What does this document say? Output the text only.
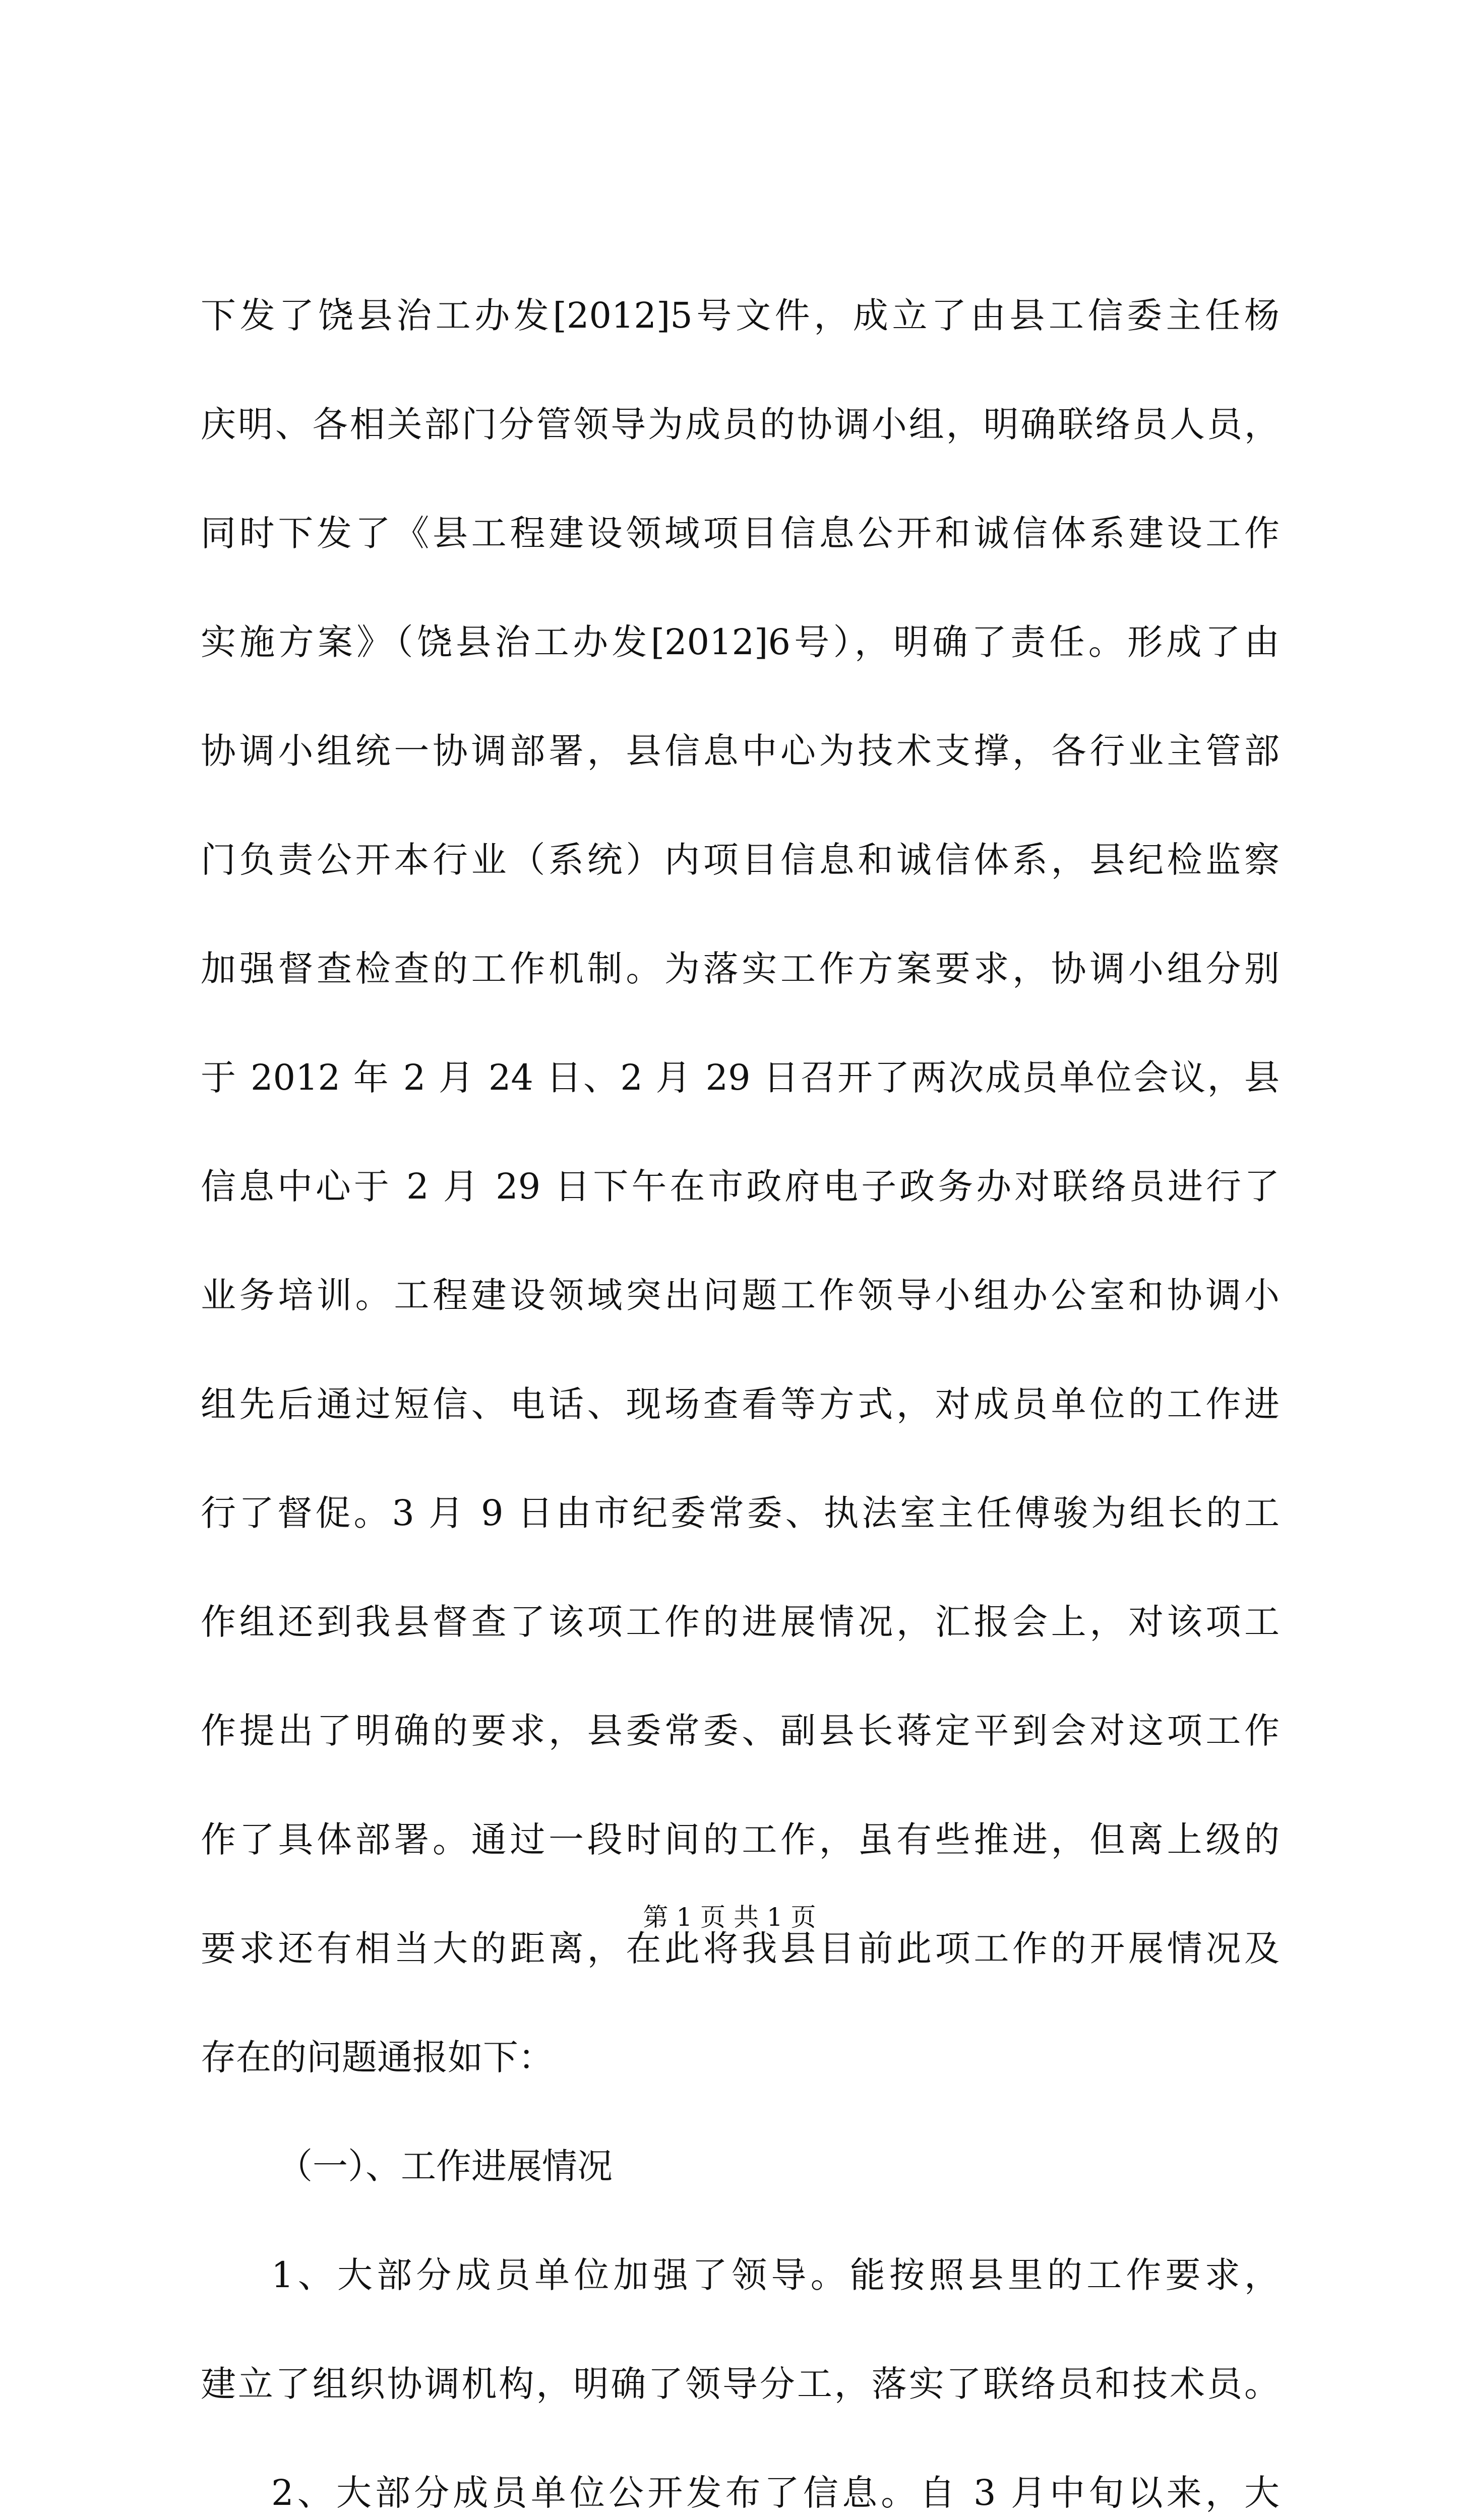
下发了饶县治工办发[2012]5号文件，成立了由县工信委主任杨
庆明、各相关部门分管领导为成员的协调小组，明确联络员人员，
同时下发了《县工程建设领域项目信息公开和诚信体系建设工作
实施方案》（饶县治工办发[2012]6号），明确了责任。形成了由
协调小组统一协调部署，县信息中心为技术支撑，各行业主管部
门负责公开本行业（系统）内项目信息和诚信体系，县纪检监察
加强督查检查的工作机制。为落实工作方案要求，协调小组分别
于 2012 年 2 月 24 日、2 月 29 日召开了两次成员单位会议，县
信息中心于 2 月 29 日下午在市政府电子政务办对联络员进行了
业务培训。工程建设领域突出问题工作领导小组办公室和协调小
组先后通过短信、电话、现场查看等方式，对成员单位的工作进
行了督促。3 月 9 日由市纪委常委、执法室主任傅骏为组长的工
作组还到我县督查了该项工作的进展情况，汇报会上，对该项工
作提出了明确的要求，县委常委、副县长蒋定平到会对这项工作
作了具体部署。通过一段时间的工作，虽有些推进，但离上级的
要求还有相当大的距离，在此将我县目前此项工作的开展情况及
存在的问题通报如下：
（一）、工作进展情况
1、大部分成员单位加强了领导。能按照县里的工作要求，
建立了组织协调机构，明确了领导分工，落实了联络员和技术员。
2、大部分成员单位公开发布了信息。自 3 月中旬以来，大
第 1 页 共 1 页
